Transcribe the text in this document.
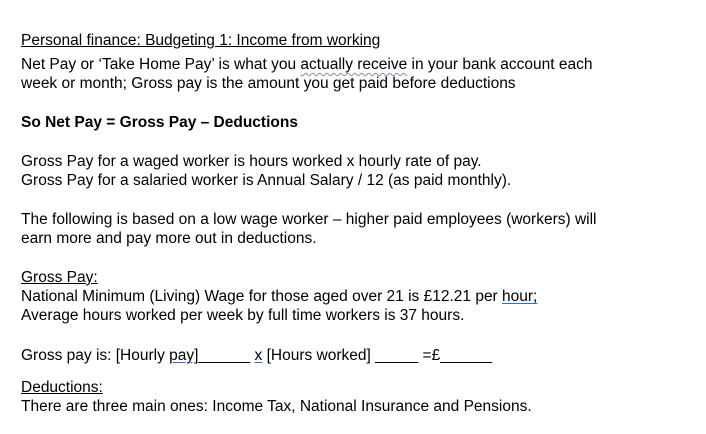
Personal finance: Budgeting 1: Income from working
Net Pay or ‘Take Home Pay’ is what you actually receive in your bank account each
week or month; Gross pay is the amount you get paid before deductions
So Net Pay = Gross Pay – Deductions
Gross Pay for a waged worker is hours worked x hourly rate of pay.
Gross Pay for a salaried worker is Annual Salary / 12 (as paid monthly).
The following is based on a low wage worker – higher paid employees (workers) will
earn more and pay more out in deductions.
Gross Pay:
National Minimum (Living) Wage for those aged over 21 is £12.21 per hour;
Average hours worked per week by full time workers is 37 hours.
Gross pay is: [Hourly pay]______ x [Hours worked] _____ =£______
Deductions:
There are three main ones: Income Tax, National Insurance and Pensions.
